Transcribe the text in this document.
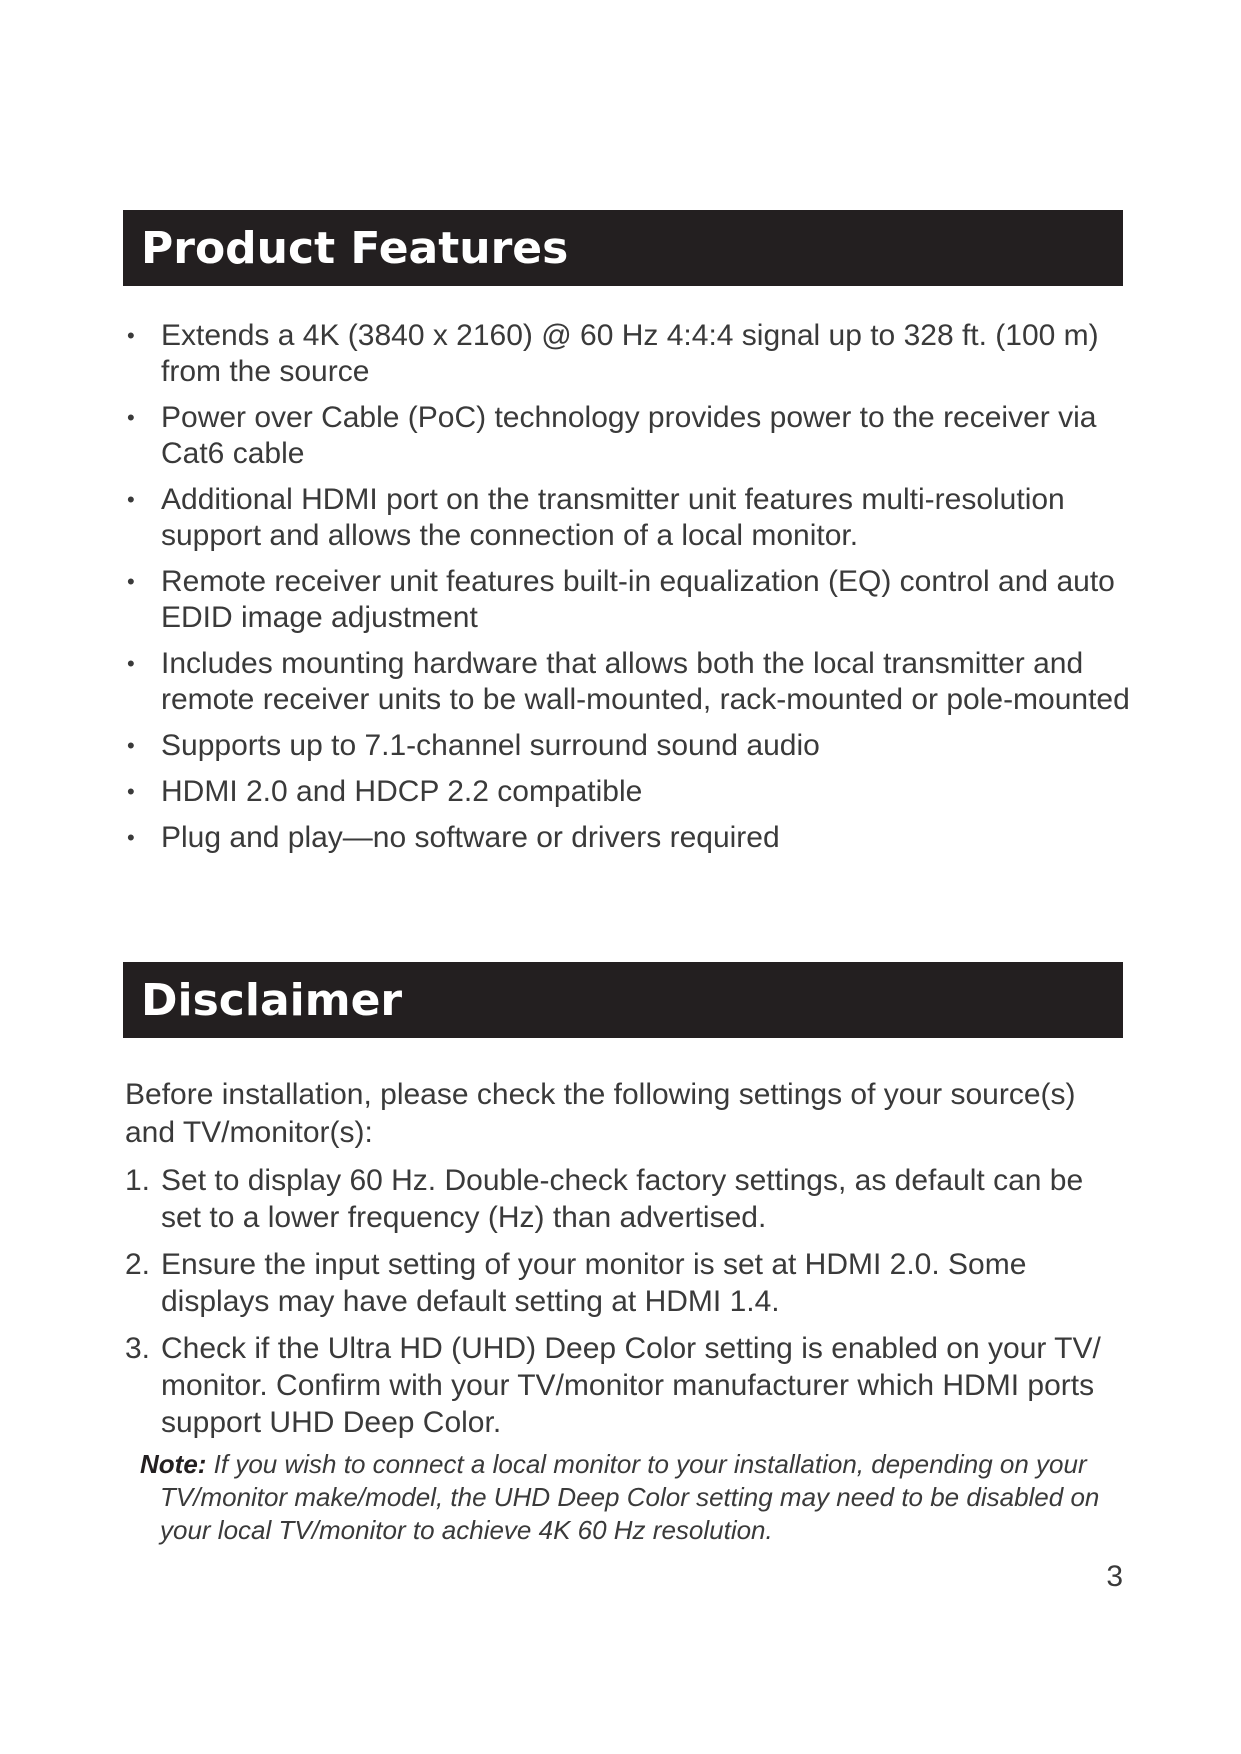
Product Features
• Extends a 4K (3840 x 2160) @ 60 Hz 4:4:4 signal up to 328 ft. (100 m) from the source
• Power over Cable (PoC) technology provides power to the receiver via Cat6 cable
• Additional HDMI port on the transmitter unit features multi-resolution support and allows the connection of a local monitor.
• Remote receiver unit features built-in equalization (EQ) control and auto EDID image adjustment
• Includes mounting hardware that allows both the local transmitter and remote receiver units to be wall-mounted, rack-mounted or pole-mounted
• Supports up to 7.1-channel surround sound audio
• HDMI 2.0 and HDCP 2.2 compatible
• Plug and play—no software or drivers required
Disclaimer

Before installation, please check the following settings of your source(s) and TV/monitor(s):

1. Set to display 60 Hz. Double-check factory settings, as default can be set to a lower frequency (Hz) than advertised.
2. Ensure the input setting of your monitor is set at HDMI 2.0. Some displays may have default setting at HDMI 1.4.
3. Check if the Ultra HD (UHD) Deep Color setting is enabled on your TV/ monitor. Confirm with your TV/monitor manufacturer which HDMI ports support UHD Deep Color.

Note: If you wish to connect a local monitor to your installation, depending on your TV/monitor make/model, the UHD Deep Color setting may need to be disabled on your local TV/monitor to achieve 4K 60 Hz resolution.

3
